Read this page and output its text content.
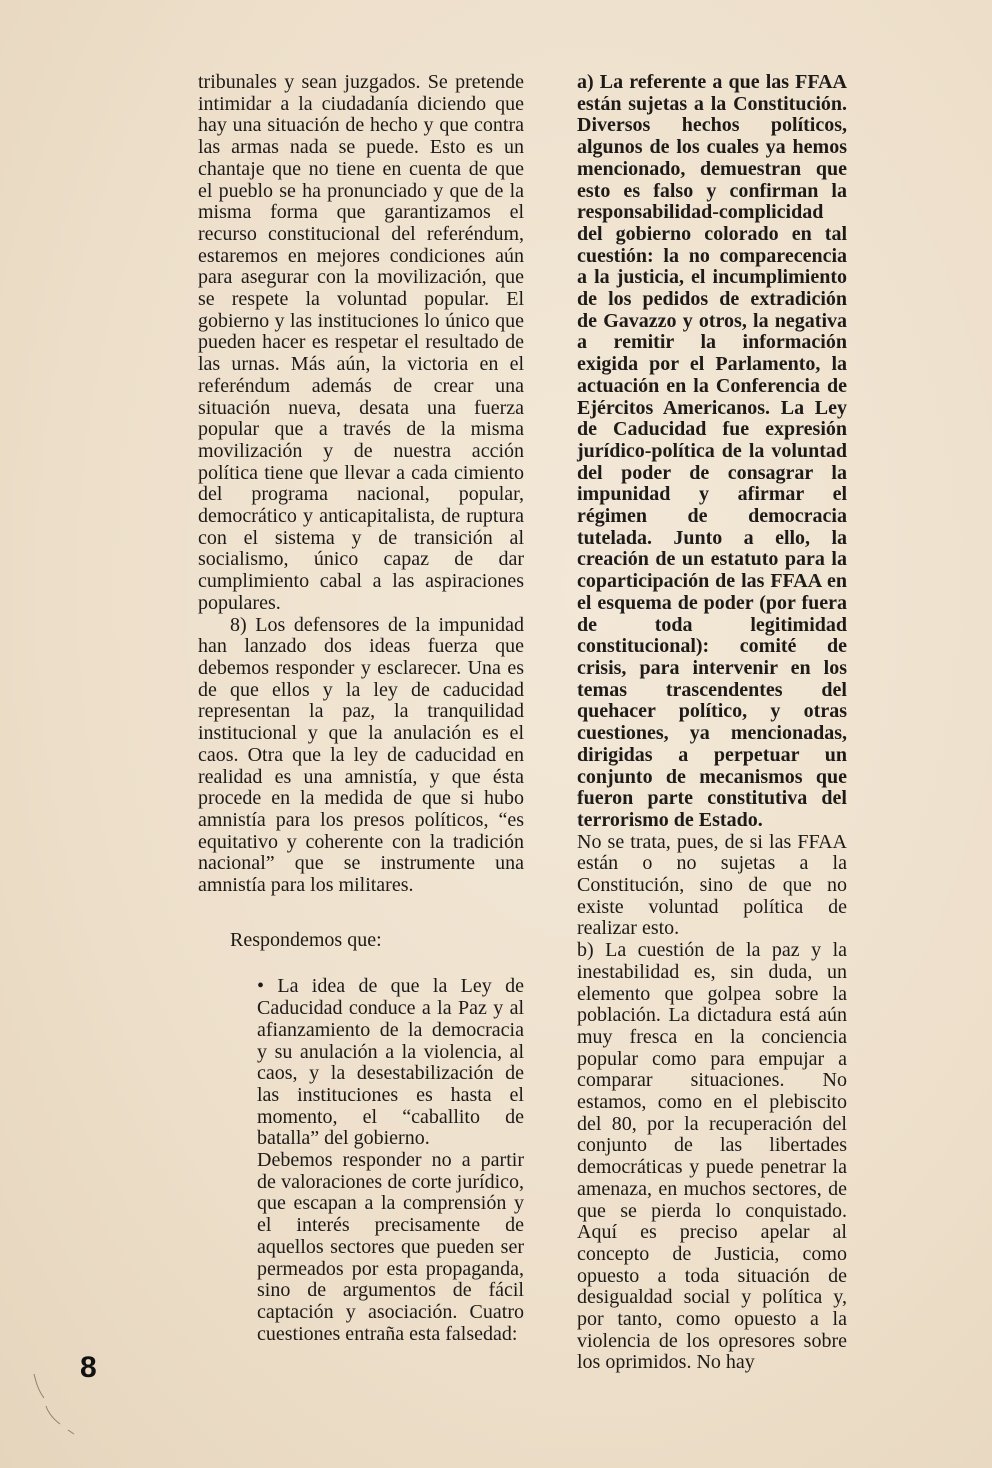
tribunales y sean juzgados. Se pretende intimidar a la ciudadanía diciendo que hay una situación de hecho y que contra las armas nada se puede. Esto es un chantaje que no tiene en cuenta de que el pueblo se ha pronunciado y que de la misma forma que garantizamos el recurso constitucional del referéndum, estaremos en mejores condiciones aún para asegurar con la movilización, que se respete la voluntad popular. El gobierno y las instituciones lo único que pueden hacer es respetar el resultado de las urnas. Más aún, la victoria en el referéndum además de crear una situación nueva, desata una fuerza popular que a través de la misma movilización y de nuestra acción política tiene que llevar a cada cimiento del programa nacional, popular, democrático y anticapitalista, de ruptura con el sistema y de transición al socialismo, único capaz de dar cumplimiento cabal a las aspiraciones populares.

8) Los defensores de la impunidad han lanzado dos ideas fuerza que debemos responder y esclarecer. Una es de que ellos y la ley de caducidad representan la paz, la tranquilidad institucional y que la anulación es el caos. Otra que la ley de caducidad en realidad es una amnistía, y que ésta procede en la medida de que si hubo amnistía para los presos políticos, “es equitativo y coherente con la tradición nacional” que se instrumente una amnistía para los militares.

Respondemos que:

• La idea de que la Ley de Caducidad conduce a la Paz y al afianzamiento de la democracia y su anulación a la violencia, al caos, y la desestabilización de las instituciones es hasta el momento, el “caballito de batalla” del gobierno.

Debemos responder no a partir de valoraciones de corte jurídico, que escapan a la comprensión y el interés precisamente de aquellos sectores que pueden ser permeados por esta propaganda, sino de argumentos de fácil captación y asociación. Cuatro cuestiones entraña esta falsedad:

a) La referente a que las FFAA están sujetas a la Constitución. Diversos hechos políticos, algunos de los cuales ya hemos mencionado, demuestran que esto es falso y confirman la responsabilidad-complicidad del gobierno colorado en tal cuestión: la no comparecencia a la justicia, el incumplimiento de los pedidos de extradición de Gavazzo y otros, la negativa a remitir la información exigida por el Parlamento, la actuación en la Conferencia de Ejércitos Americanos. La Ley de Caducidad fue expresión jurídico-política de la voluntad del poder de consagrar la impunidad y afirmar el régimen de democracia tutelada. Junto a ello, la creación de un estatuto para la coparticipación de las FFAA en el esquema de poder (por fuera de toda legitimidad constitucional): comité de crisis, para intervenir en los temas trascendentes del quehacer político, y otras cuestiones, ya mencionadas, dirigidas a perpetuar un conjunto de mecanismos que fueron parte constitutiva del terrorismo de Estado.

No se trata, pues, de si las FFAA están o no sujetas a la Constitución, sino de que no existe voluntad política de realizar esto.

b) La cuestión de la paz y la inestabilidad es, sin duda, un elemento que golpea sobre la población. La dictadura está aún muy fresca en la conciencia popular como para empujar a comparar situaciones. No estamos, como en el plebiscito del 80, por la recuperación del conjunto de las libertades democráticas y puede penetrar la amenaza, en muchos sectores, de que se pierda lo conquistado. Aquí es preciso apelar al concepto de Justicia, como opuesto a toda situación de desigualdad social y política y, por tanto, como opuesto a la violencia de los opresores sobre los oprimidos. No hay

8
